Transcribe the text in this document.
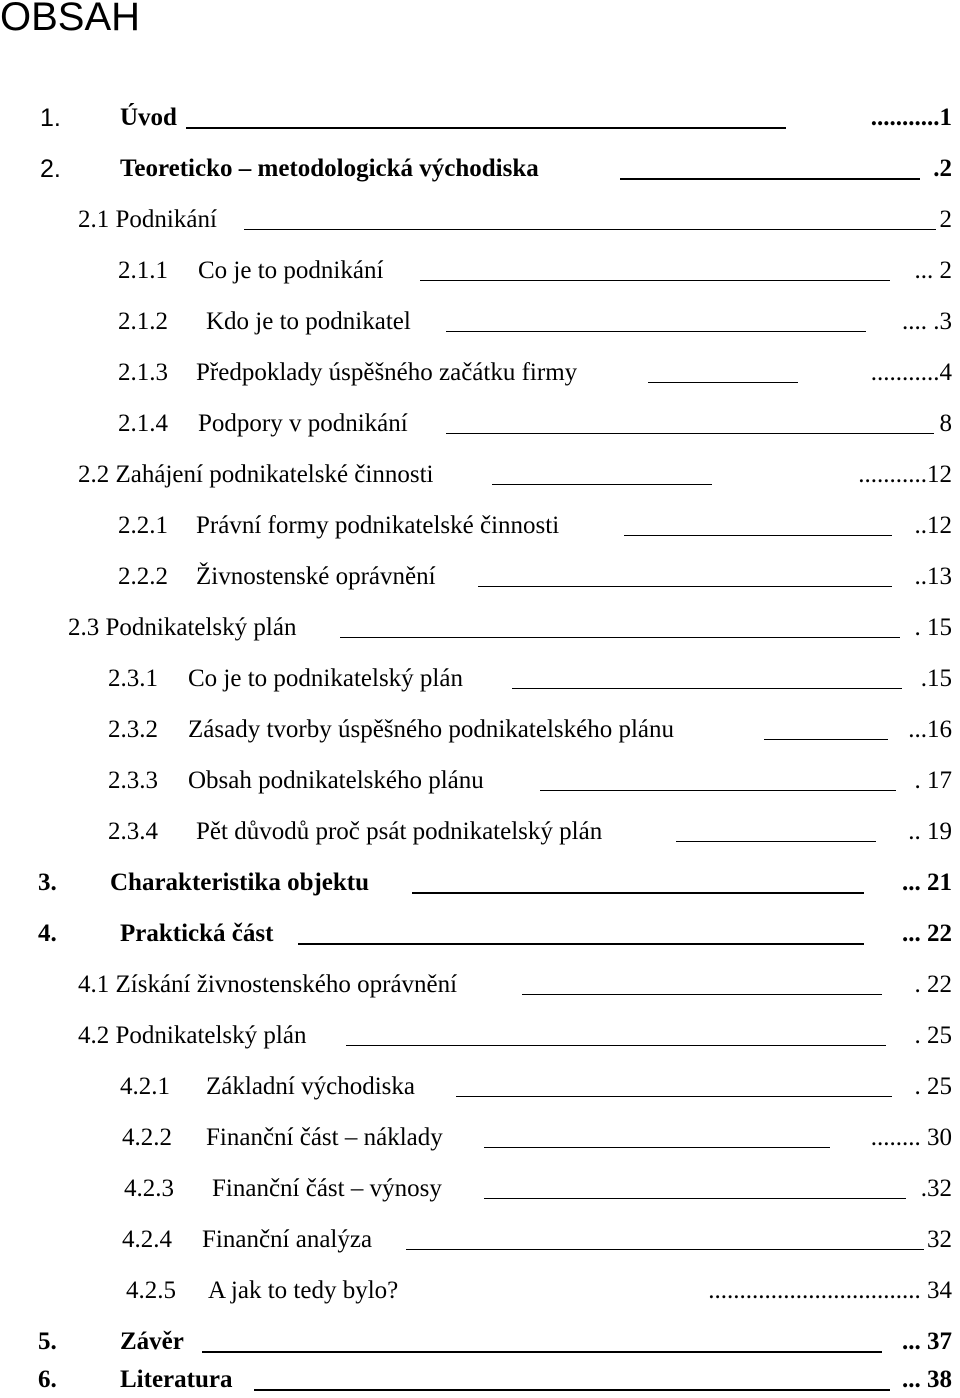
OBSAH
1. Úvod	...........1
2. Teoreticko – metodologická východiska	.2
2.1 Podnikání	2
2.1.1 Co je to podnikání	... 2
2.1.2 Kdo je to podnikatel	.... .3
2.1.3 Předpoklady úspěšného začátku firmy	...........4
2.1.4 Podpory v podnikání	8
2.2 Zahájení podnikatelské činnosti	...........12
2.2.1 Právní formy podnikatelské činnosti	..12
2.2.2 Živnostenské oprávnění	..13
2.3 Podnikatelský plán	. 15
2.3.1 Co je to podnikatelský plán	.15
2.3.2 Zásady tvorby úspěšného podnikatelského plánu	...16
2.3.3 Obsah podnikatelského plánu	. 17
2.3.4 Pět důvodů proč psát podnikatelský plán	.. 19
3. Charakteristika objektu	... 21
4.	Praktická část	... 22
4.1 Získání živnostenského oprávnění	. 22
4.2 Podnikatelský plán	. 25
4.2.1 Základní východiska	. 25
4.2.2 Finanční část – náklady	........ 30
4.2.3 Finanční část – výnosy	.32
4.2.4 Finanční analýza	32
4.2.5 A jak to tedy bylo?	.................................. 34
5.	Závěr	... 37
6.	Literatura	... 38
